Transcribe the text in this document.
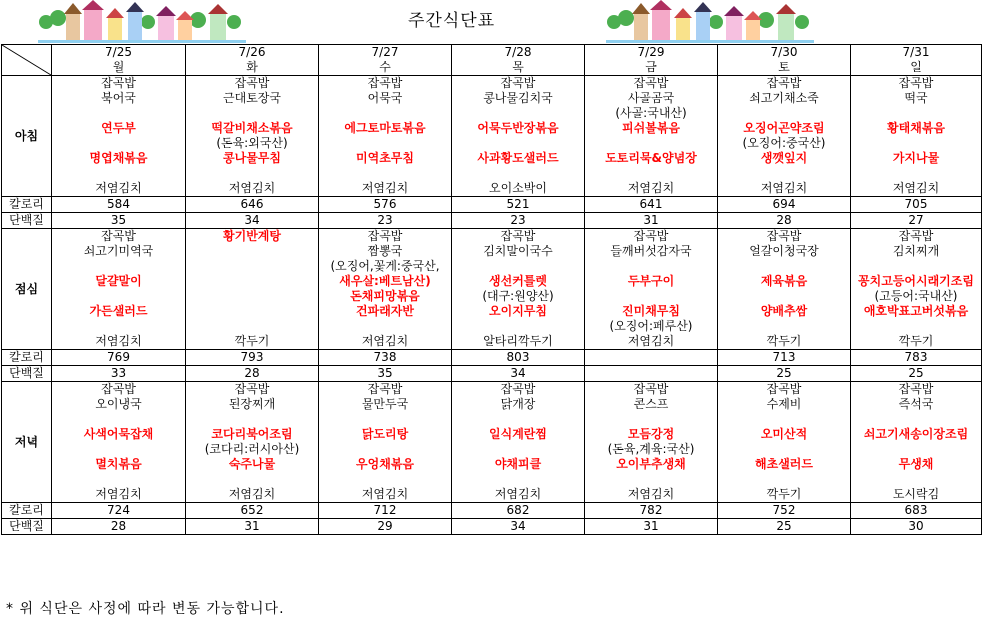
주간식단표
	7/25	7/26	7/27	7/28	7/29	7/30	7/31
	월	화	수	목	금	토	일
아침	잡곡밥	잡곡밥	잡곡밥	잡곡밥	잡곡밥	잡곡밥	잡곡밥
	북어국	근대토장국	어묵국	콩나물김치국	사골곰국	쇠고기채소죽	떡국
					(사골:국내산)		
	연두부	떡갈비채소볶음	에그토마토볶음	어묵두반장볶음	피쉬볼볶음	오징어곤약조림	황태채볶음
		(돈육:외국산)				(오징어:중국산)	
	명엽채볶음	콩나물무침	미역초무침	사과황도샐러드	도토리묵&양념장	생깻잎지	가지나물

	저염김치	저염김치	저염김치	오이소박이	저염김치	저염김치	저염김치
칼로리	584	646	576	521	641	694	705
단백질	35	34	23	23	31	28	27
점심	잡곡밥	황기반계탕	잡곡밥	잡곡밥	잡곡밥	잡곡밥	잡곡밥
	쇠고기미역국		짬뽕국	김치말이국수	들깨버섯감자국	얼갈이청국장	김치찌개
			(오징어,꽃게:중국산,				
	달걀말이		새우살:베트남산)	생선커틀렛	두부구이	제육볶음	꽁치고등어시래기조림
			돈채피망볶음	(대구:원양산)			(고등어:국내산)
	가든샐러드		건파래자반	오이지무침	진미채무침	양배추쌈	애호박표고버섯볶음
					(오징어:페루산)		
	저염김치	깍두기	저염김치	알타리깍두기	저염김치	깍두기	깍두기
칼로리	769	793	738	803		713	783
단백질	33	28	35	34		25	25
저녁	잡곡밥	잡곡밥	잡곡밥	잡곡밥	잡곡밥	잡곡밥	잡곡밥
	오이냉국	된장찌개	물만두국	닭개장	콘스프	수제비	즉석국

	사색어묵잡채	코다리북어조림	닭도리탕	일식계란찜	모듬강정	오미산적	쇠고기새송이장조림
		(코다리:러시아산)			(돈육,계육:국산)		
	멸치볶음	숙주나물	우엉채볶음	야채피클	오이부추생채	해초샐러드	무생채

	저염김치	저염김치	저염김치	저염김치	저염김치	깍두기	도시락김
칼로리	724	652	712	682	782	752	683
단백질	28	31	29	34	31	25	30
* 위 식단은 사정에 따라 변동 가능합니다.
